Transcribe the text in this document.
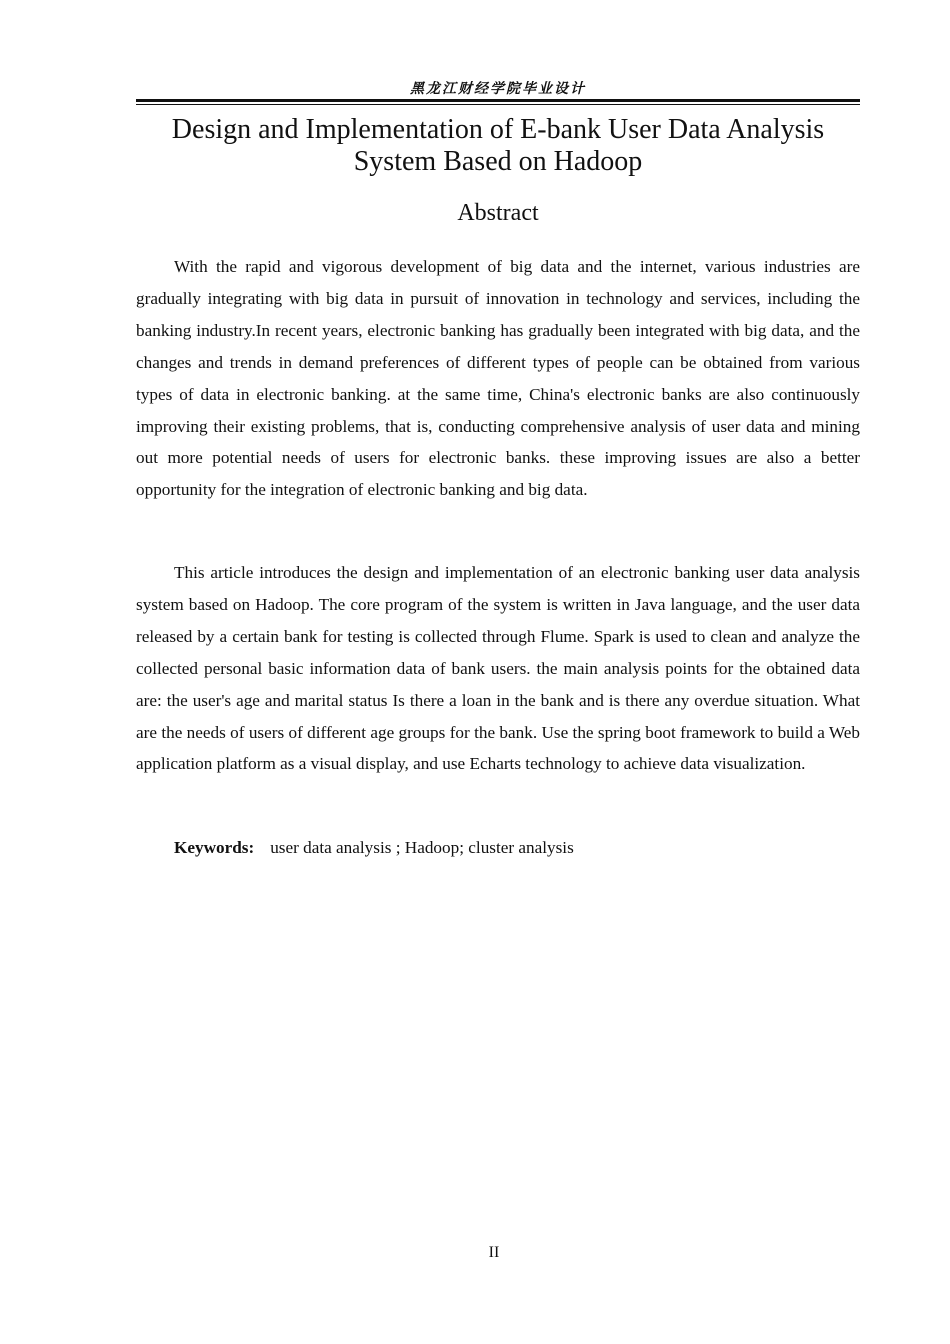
黑龙江财经学院毕业设计
Design and Implementation of E-bank User Data Analysis
System Based on Hadoop
Abstract

With the rapid and vigorous development of big data and the internet, various industries are gradually integrating with big data in pursuit of innovation in technology and services, including the banking industry.In recent years, electronic banking has gradually been integrated with big data, and the changes and trends in demand preferences of different types of people can be obtained from various types of data in electronic banking. at the same time, China's electronic banks are also continuously improving their existing problems, that is, conducting comprehensive analysis of user data and mining out more potential needs of users for electronic banks. these improving issues are also a better opportunity for the integration of electronic banking and big data.

This article introduces the design and implementation of an electronic banking user data analysis system based on Hadoop. The core program of the system is written in Java language, and the user data released by a certain bank for testing is collected through Flume. Spark is used to clean and analyze the collected personal basic information data of bank users. the main analysis points for the obtained data are: the user's age and marital status Is there a loan in the bank and is there any overdue situation. What are the needs of users of different age groups for the bank. Use the spring boot framework to build a Web application platform as a visual display, and use Echarts technology to achieve data visualization.

Keywords: user data analysis ; Hadoop; cluster analysis

II
